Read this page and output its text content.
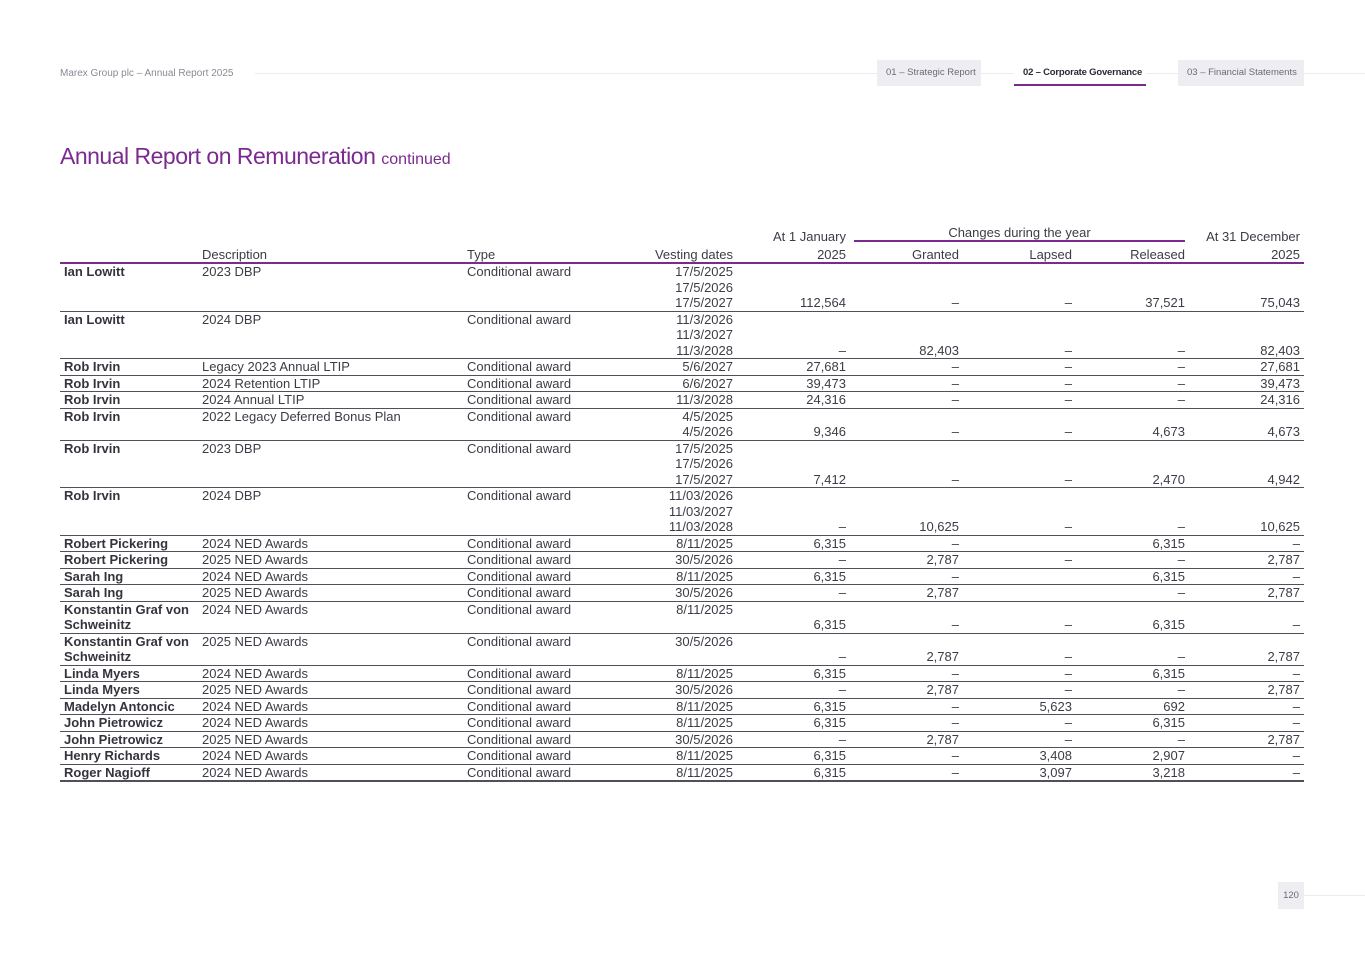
Marex Group plc – Annual Report 2025	01 – Strategic Report	02 – Corporate Governance	03 – Financial Statements
Annual Report on Remuneration continued
				At 1 January	Changes during the year			At 31 December
	Description	Type	Vesting dates	2025	Granted	Lapsed	Released	2025
Ian Lowitt	2023 DBP	Conditional award	17/5/2025
17/5/2026
17/5/2027	112,564	–	–	37,521	75,043
Ian Lowitt	2024 DBP	Conditional award	11/3/2026
11/3/2027
11/3/2028	–	82,403	–	–	82,403
Rob Irvin	Legacy 2023 Annual LTIP	Conditional award	5/6/2027	27,681	–	–	–	27,681
Rob Irvin	2024 Retention LTIP	Conditional award	6/6/2027	39,473	–	–	–	39,473
Rob Irvin	2024 Annual LTIP	Conditional award	11/3/2028	24,316	–	–	–	24,316
Rob Irvin	2022 Legacy Deferred Bonus Plan	Conditional award	4/5/2025
4/5/2026	9,346	–	–	4,673	4,673
Rob Irvin	2023 DBP	Conditional award	17/5/2025
17/5/2026
17/5/2027	7,412	–	–	2,470	4,942
Rob Irvin	2024 DBP	Conditional award	11/03/2026
11/03/2027
11/03/2028	–	10,625	–	–	10,625
Robert Pickering	2024 NED Awards	Conditional award	8/11/2025	6,315	–		6,315	–
Robert Pickering	2025 NED Awards	Conditional award	30/5/2026	–	2,787	–	–	2,787
Sarah Ing	2024 NED Awards	Conditional award	8/11/2025	6,315	–		6,315	–
Sarah Ing	2025 NED Awards	Conditional award	30/5/2026	–	2,787		–	2,787
Konstantin Graf von Schweinitz	2024 NED Awards	Conditional award	8/11/2025	6,315	–	–	6,315	–
Konstantin Graf von Schweinitz	2025 NED Awards	Conditional award	30/5/2026	–	2,787	–	–	2,787
Linda Myers	2024 NED Awards	Conditional award	8/11/2025	6,315	–	–	6,315	–
Linda Myers	2025 NED Awards	Conditional award	30/5/2026	–	2,787	–	–	2,787
Madelyn Antoncic	2024 NED Awards	Conditional award	8/11/2025	6,315	–	5,623	692	–
John Pietrowicz	2024 NED Awards	Conditional award	8/11/2025	6,315	–	–	6,315	–
John Pietrowicz	2025 NED Awards	Conditional award	30/5/2026	–	2,787	–	–	2,787
Henry Richards	2024 NED Awards	Conditional award	8/11/2025	6,315	–	3,408	2,907	–
Roger Nagioff	2024 NED Awards	Conditional award	8/11/2025	6,315	–	3,097	3,218	–
120
